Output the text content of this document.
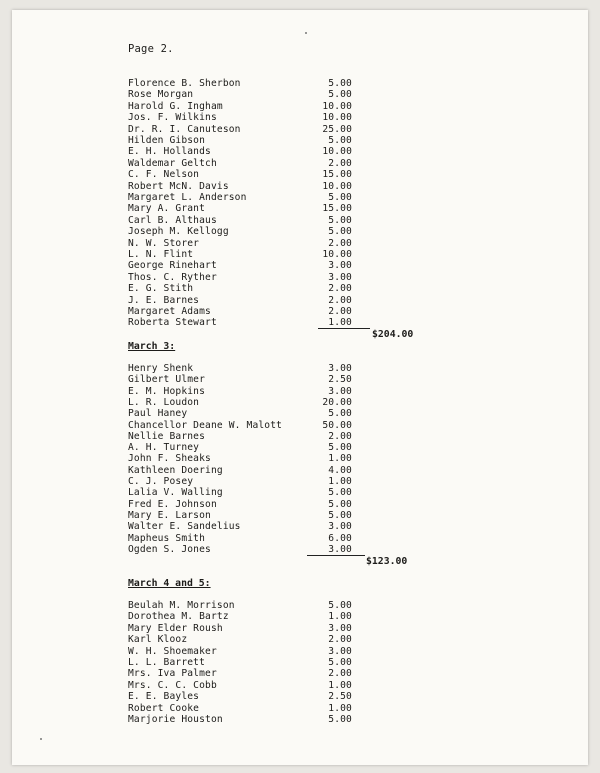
Page 2.
Florence B. Sherbon	5.00
Rose Morgan	5.00
Harold G. Ingham	10.00
Jos. F. Wilkins	10.00
Dr. R. I. Canuteson	25.00
Hilden Gibson	5.00
E. H. Hollands	10.00
Waldemar Geltch	2.00
C. F. Nelson	15.00
Robert McN. Davis	10.00
Margaret L. Anderson	5.00
Mary A. Grant	15.00
Carl B. Althaus	5.00
Joseph M. Kellogg	5.00
N. W. Storer	2.00
L. N. Flint	10.00
George Rinehart	3.00
Thos. C. Ryther	3.00
E. G. Stith	2.00
J. E. Barnes	2.00
Margaret Adams	2.00
Roberta Stewart	1.00
$204.00
March 3:
Henry Shenk	3.00
Gilbert Ulmer	2.50
E. M. Hopkins	3.00
L. R. Loudon	20.00
Paul Haney	5.00
Chancellor Deane W. Malott	50.00
Nellie Barnes	2.00
A. H. Turney	5.00
John F. Sheaks	1.00
Kathleen Doering	4.00
C. J. Posey	1.00
Lalia V. Walling	5.00
Fred E. Johnson	5.00
Mary E. Larson	5.00
Walter E. Sandelius	3.00
Mapheus Smith	6.00
Ogden S. Jones	3.00
$123.00
March 4 and 5:
Beulah M. Morrison	5.00
Dorothea M. Bartz	1.00
Mary Elder Roush	3.00
Karl Klooz	2.00
W. H. Shoemaker	3.00
L. L. Barrett	5.00
Mrs. Iva Palmer	2.00
Mrs. C. C. Cobb	1.00
E. E. Bayles	2.50
Robert Cooke	1.00
Marjorie Houston	5.00
